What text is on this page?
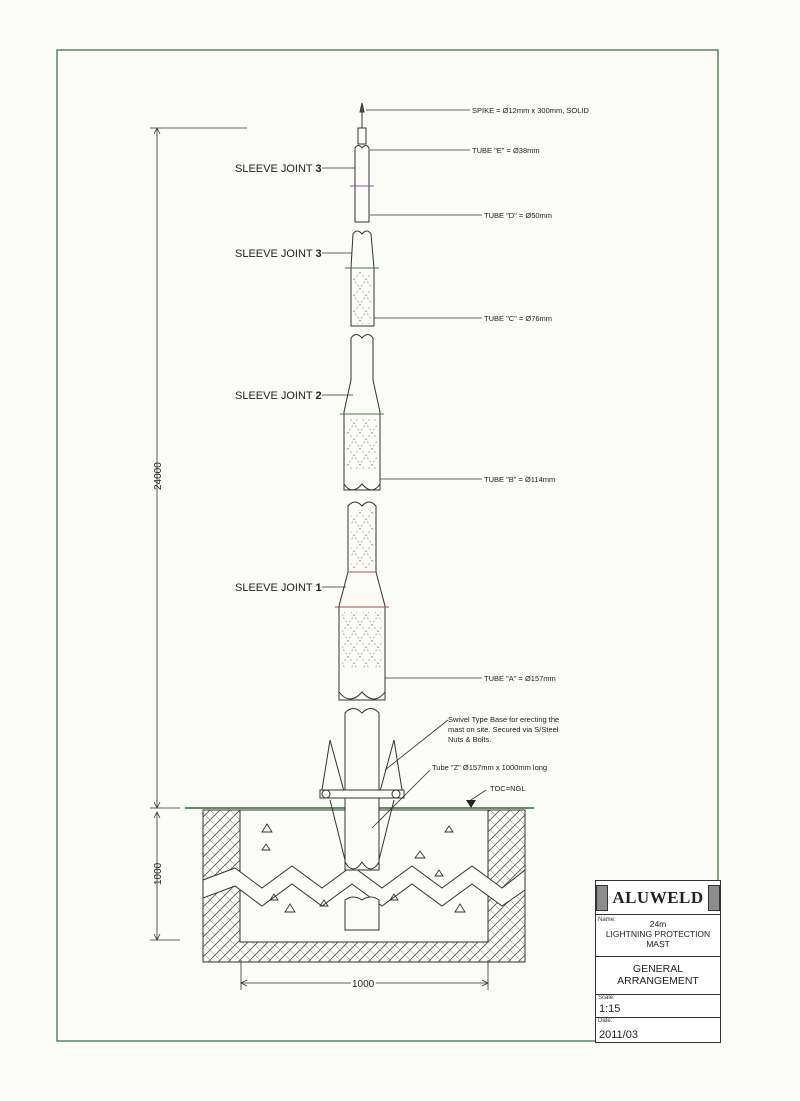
24000
1000
1000
TOC=NGL
SPIKE = Ø12mm x 300mm, SOLID
TUBE "E" = Ø38mm
TUBE "D" = Ø50mm
TUBE "C" = Ø76mm
TUBE "B" = Ø114mm
TUBE "A" = Ø157mm
Swivel Type Base for erecting the
mast on site. Secured via S/Steel
Nuts & Bolts.
Tube "Z" Ø157mm x 1000mm long
SLEEVE JOINT 3
SLEEVE JOINT 3
SLEEVE JOINT 2
SLEEVE JOINT 1
ALUWELD
Name:	24m
LIGHTNING PROTECTION
MAST
GENERAL
ARRANGEMENT
Scale:
1:15
Date:
2011/03
